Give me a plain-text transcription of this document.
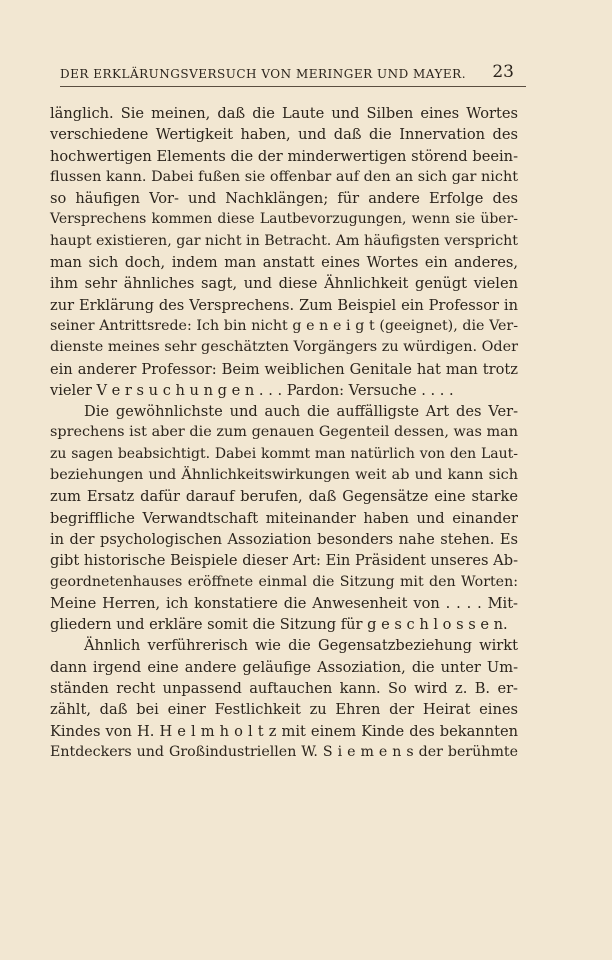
DER ERKLÄRUNGSVERSUCH VON MERINGER UND MAYER. 23
länglich. Sie meinen, daß die Laute und Silben eines Wortes
verschiedene Wertigkeit haben, und daß die Innervation des
hochwertigen Elements die der minderwertigen störend beein-
flussen kann. Dabei fußen sie offenbar auf den an sich gar nicht
so häufigen Vor- und Nachklängen; für andere Erfolge des
Versprechens kommen diese Lautbevorzugungen, wenn sie über-
haupt existieren, gar nicht in Betracht. Am häufigsten verspricht
man sich doch, indem man anstatt eines Wortes ein anderes,
ihm sehr ähnliches sagt, und diese Ähnlichkeit genügt vielen
zur Erklärung des Versprechens. Zum Beispiel ein Professor in
seiner Antrittsrede: Ich bin nicht g e n e i g t (geeignet), die Ver-
dienste meines sehr geschätzten Vorgängers zu würdigen. Oder
ein anderer Professor: Beim weiblichen Genitale hat man trotz
vieler V e r s u c h u n g e n . . . Pardon: Versuche . . . .
Die gewöhnlichste und auch die auffälligste Art des Ver-
sprechens ist aber die zum genauen Gegenteil dessen, was man
zu sagen beabsichtigt. Dabei kommt man natürlich von den Laut-
beziehungen und Ähnlichkeitswirkungen weit ab und kann sich
zum Ersatz dafür darauf berufen, daß Gegensätze eine starke
begriffliche Verwandtschaft miteinander haben und einander
in der psychologischen Assoziation besonders nahe stehen. Es
gibt historische Beispiele dieser Art: Ein Präsident unseres Ab-
geordnetenhauses eröffnete einmal die Sitzung mit den Worten:
Meine Herren, ich konstatiere die Anwesenheit von . . . . Mit-
gliedern und erkläre somit die Sitzung für g e s c h l o s s e n.
Ähnlich verführerisch wie die Gegensatzbeziehung wirkt
dann irgend eine andere geläufige Assoziation, die unter Um-
ständen recht unpassend auftauchen kann. So wird z. B. er-
zählt, daß bei einer Festlichkeit zu Ehren der Heirat eines
Kindes von H. H e l m h o l t z mit einem Kinde des bekannten
Entdeckers und Großindustriellen W. S i e m e n s der berühmte
